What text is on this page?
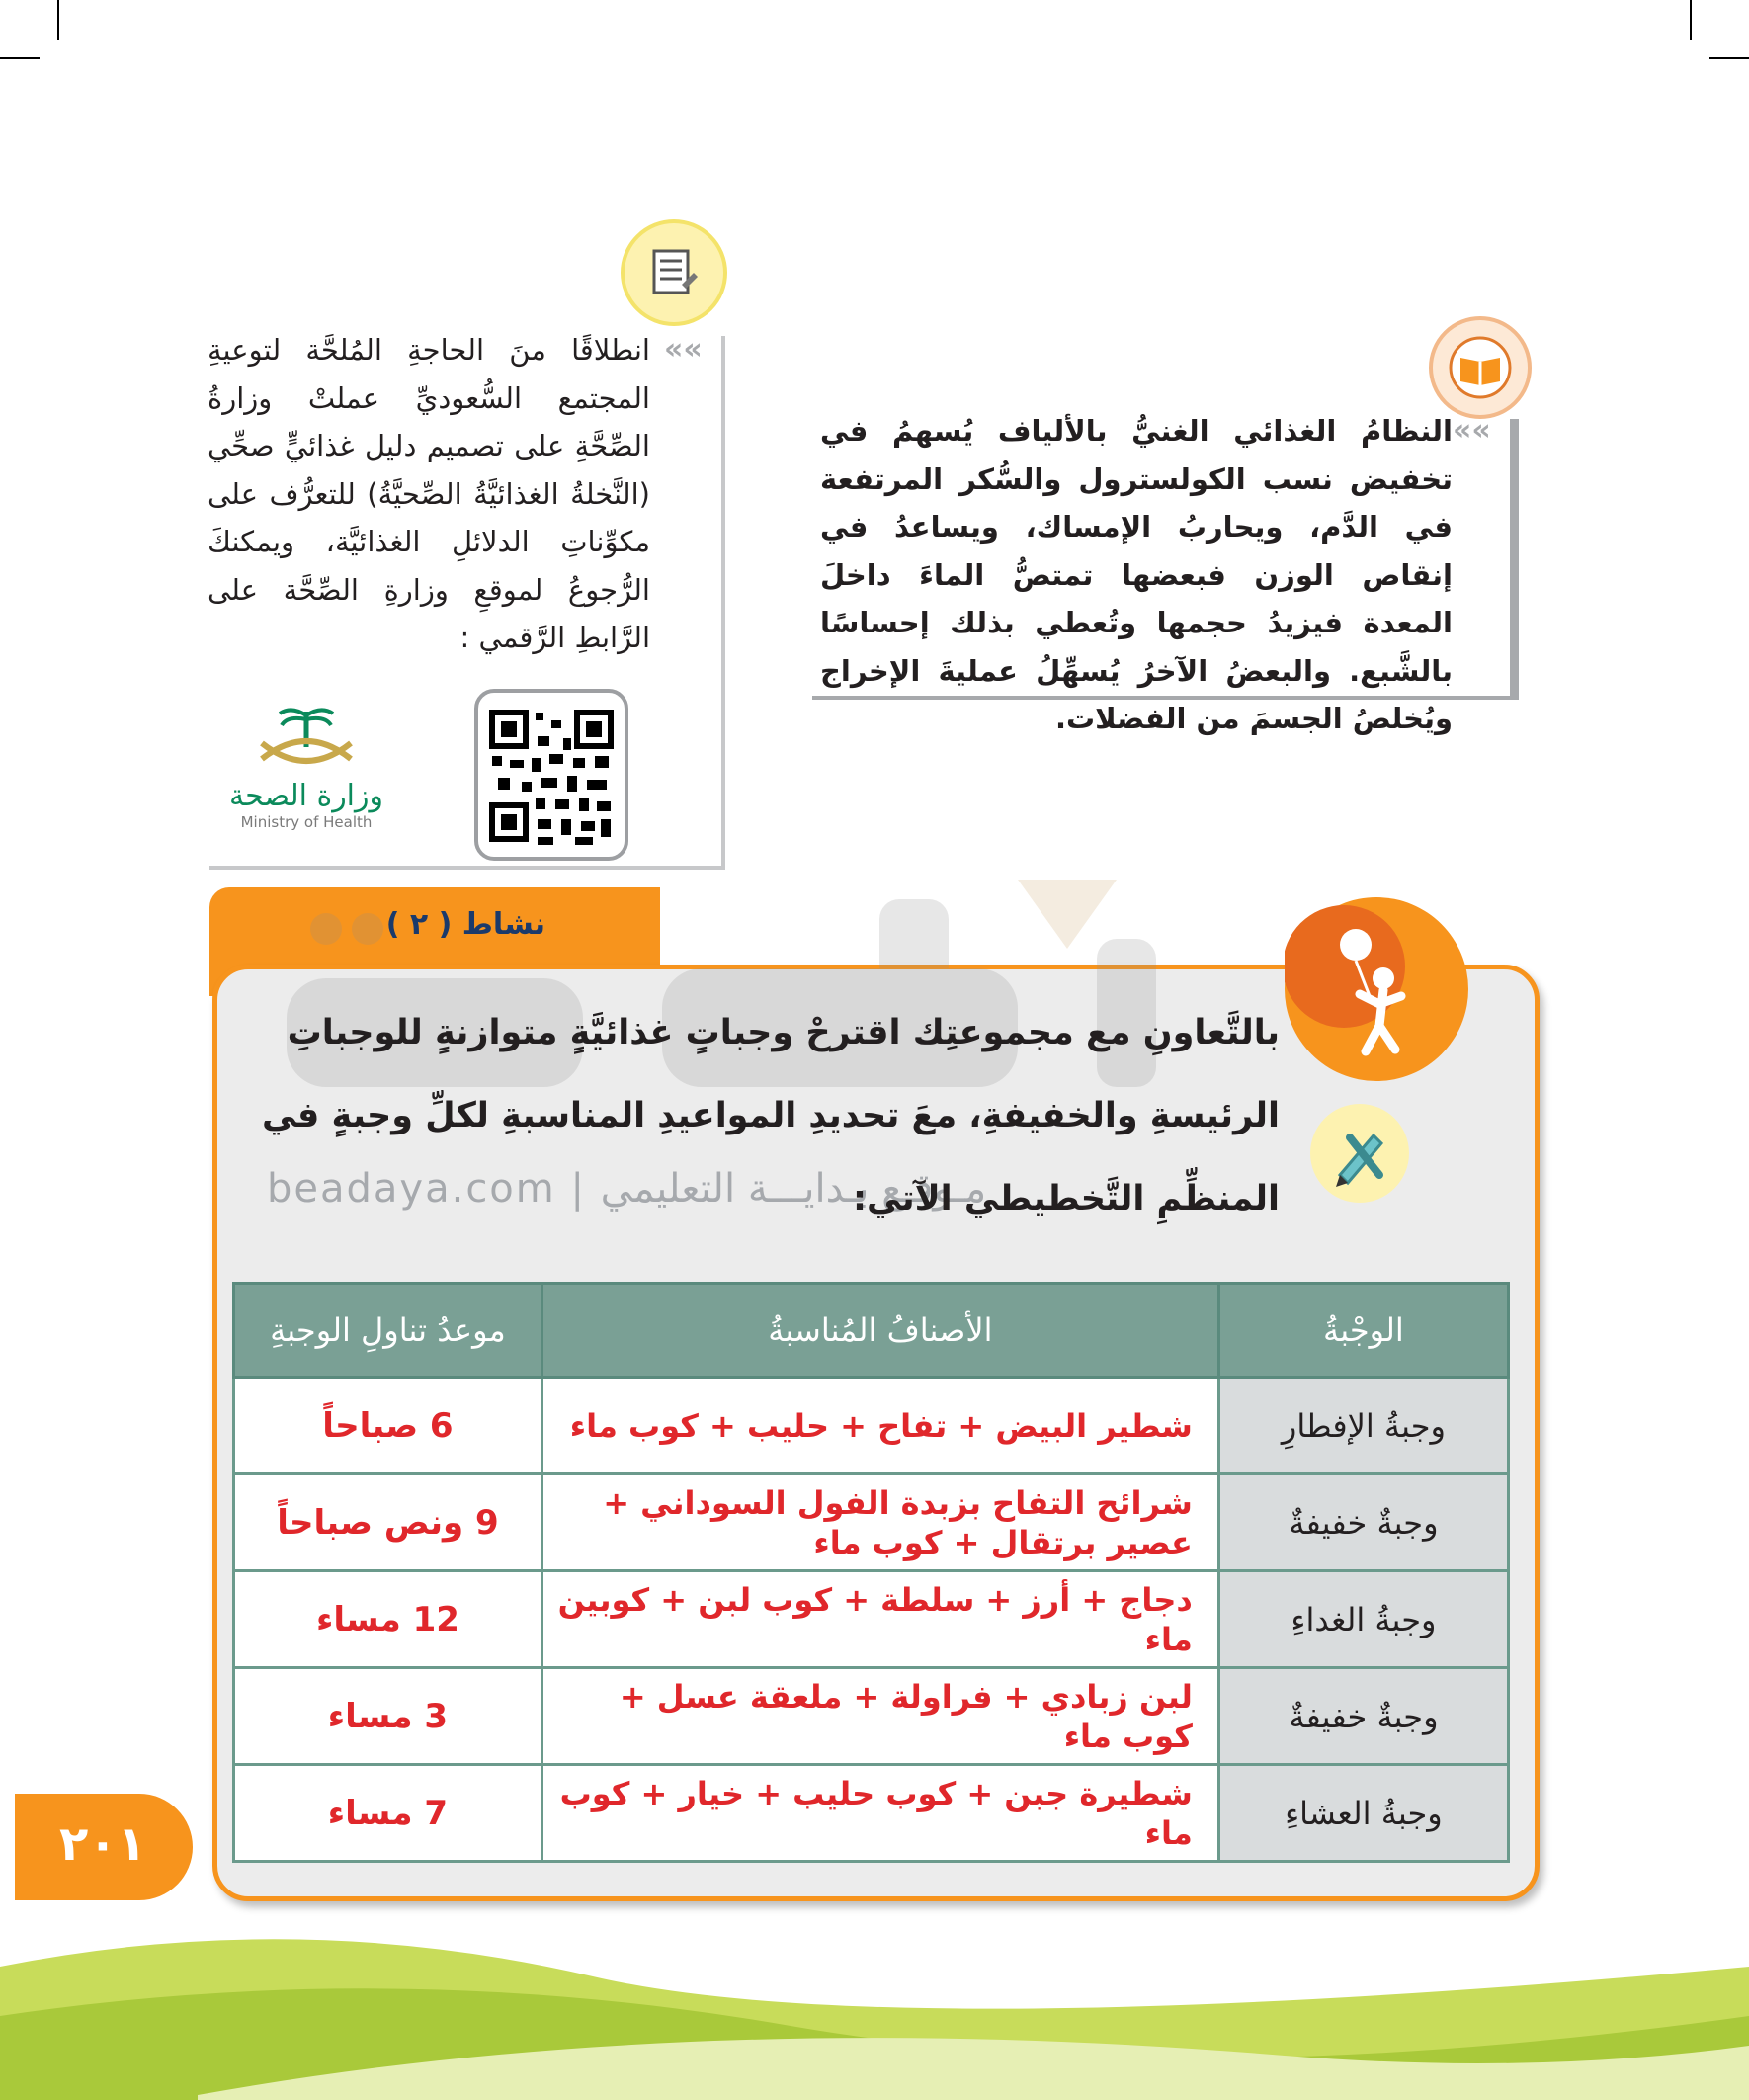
»»
النظامُ الغذائي الغنيُّ بالألياف يُسهمُ في تخفيض نسب الكولسترول والسُّكر المرتفعة في الدَّم، ويحاربُ الإمساك، ويساعدُ في إنقاص الوزن فبعضها تمتصُّ الماءَ داخلَ المعدة فيزيدُ حجمها وتُعطي بذلك إحساسًا بالشَّبع. والبعضُ الآخرُ يُسهِّلُ عمليةَ الإخراج ويُخلصُ الجسمَ من الفضلات.
»»
انطلاقًا منَ الحاجةِ المُلحَّة لتوعيةِ المجتمع السُّعوديِّ عملتْ وزارةُ الصِّحَّةِ على تصميم دليل غذائيٍّ صحِّي (النَّخلةُ الغذائيَّةُ الصِّحيَّةُ) للتعرُّف على مكوِّناتِ الدلائلِ الغذائيَّة، ويمكنكَ الرُّجوعُ لموقعِ وزارةِ الصِّحَّة على الرَّابطِ الرَّقمي :
وزارة الصحة
Ministry of Health
نشاط ( ٢ )
beadaya.com | مـوقـع بـدايـــة التعليمي
بالتَّعاونِ مع مجموعتِك اقترحْ وجباتٍ غذائيَّةٍ متوازنةٍ للوجباتِ الرئيسةِ والخفيفةِ، معَ تحديدِ المواعيدِ المناسبةِ لكلِّ وجبةٍ في المنظِّمِ التَّخطيطي الآتي:
الوجْبةُ	الأصنافُ المُناسبةُ	موعدُ تناولِ الوجبةِ
وجبةُ الإفطارِ	شطير البيض + تفاح + حليب + كوب ماء	6 صباحاً
وجبةٌ خفيفةٌ	شرائح التفاح بزبدة الفول السوداني + عصير برتقال + كوب ماء	9 ونص صباحاً
وجبةُ الغداءِ	دجاج + أرز + سلطة + كوب لبن + كوبين ماء	12 مساء
وجبةٌ خفيفةٌ	لبن زبادي + فراولة + ملعقة عسل + كوب ماء	3 مساء
وجبةُ العشاءِ	شطيرة جبن + كوب حليب + خيار + كوب ماء	7 مساء
٢٠١
